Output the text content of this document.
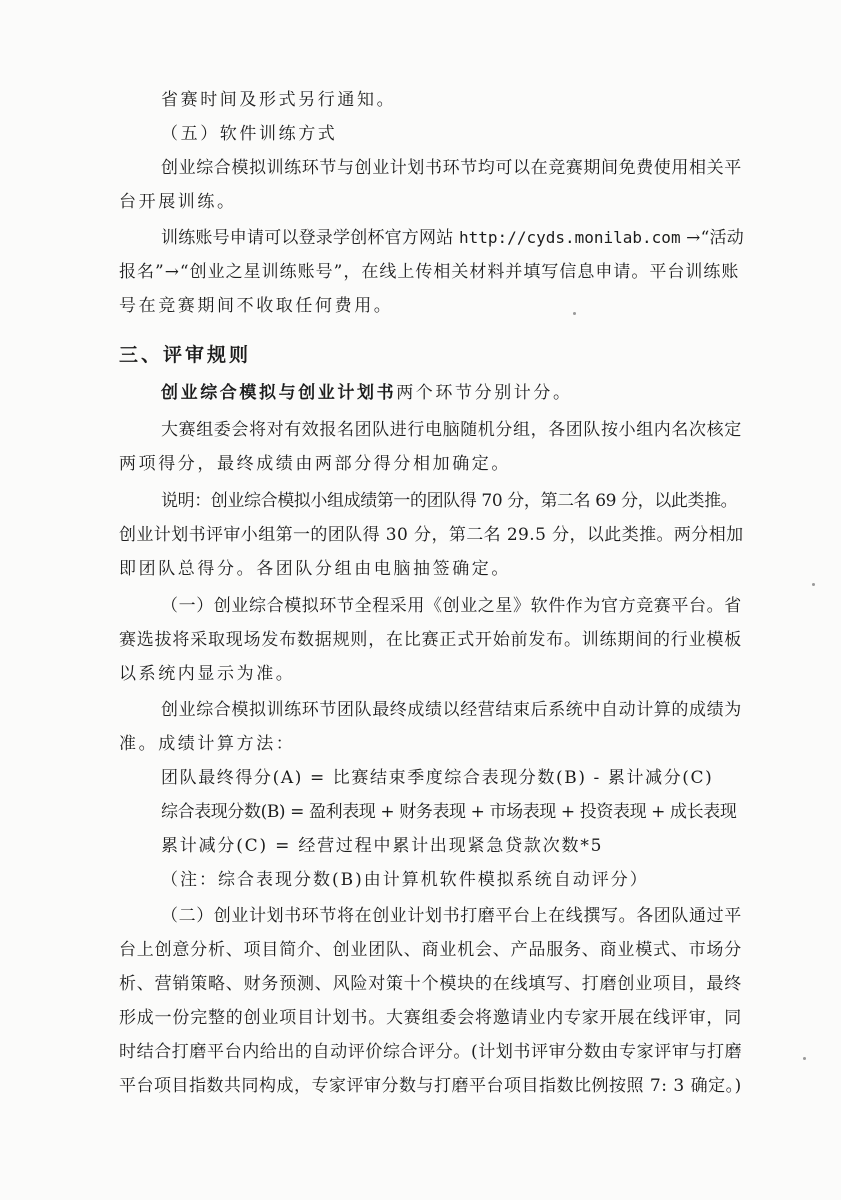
省赛时间及形式另行通知。
（五）软件训练方式
创业综合模拟训练环节与创业计划书环节均可以在竞赛期间免费使用相关平
台开展训练。
训练账号申请可以登录学创杯官方网站 http://cyds.monilab.com →“活动
报名”→“创业之星训练账号”，在线上传相关材料并填写信息申请。平台训练账
号在竞赛期间不收取任何费用。
三、评审规则
创业综合模拟与创业计划书两个环节分别计分。
大赛组委会将对有效报名团队进行电脑随机分组，各团队按小组内名次核定
两项得分，最终成绩由两部分得分相加确定。
说明：创业综合模拟小组成绩第一的团队得 70 分，第二名 69 分，以此类推。
创业计划书评审小组第一的团队得 30 分，第二名 29.5 分，以此类推。两分相加
即团队总得分。各团队分组由电脑抽签确定。
（一）创业综合模拟环节全程采用《创业之星》软件作为官方竞赛平台。省
赛选拔将采取现场发布数据规则，在比赛正式开始前发布。训练期间的行业模板
以系统内显示为准。
创业综合模拟训练环节团队最终成绩以经营结束后系统中自动计算的成绩为
准。成绩计算方法：
团队最终得分(A) = 比赛结束季度综合表现分数(B) - 累计减分(C)
综合表现分数(B) = 盈利表现 + 财务表现 + 市场表现 + 投资表现 + 成长表现
累计减分(C) = 经营过程中累计出现紧急贷款次数*5
（注：综合表现分数(B)由计算机软件模拟系统自动评分）
（二）创业计划书环节将在创业计划书打磨平台上在线撰写。各团队通过平
台上创意分析、项目简介、创业团队、商业机会、产品服务、商业模式、市场分
析、营销策略、财务预测、风险对策十个模块的在线填写、打磨创业项目，最终
形成一份完整的创业项目计划书。大赛组委会将邀请业内专家开展在线评审，同
时结合打磨平台内给出的自动评价综合评分。(计划书评审分数由专家评审与打磨
平台项目指数共同构成，专家评审分数与打磨平台项目指数比例按照 7: 3 确定。)
